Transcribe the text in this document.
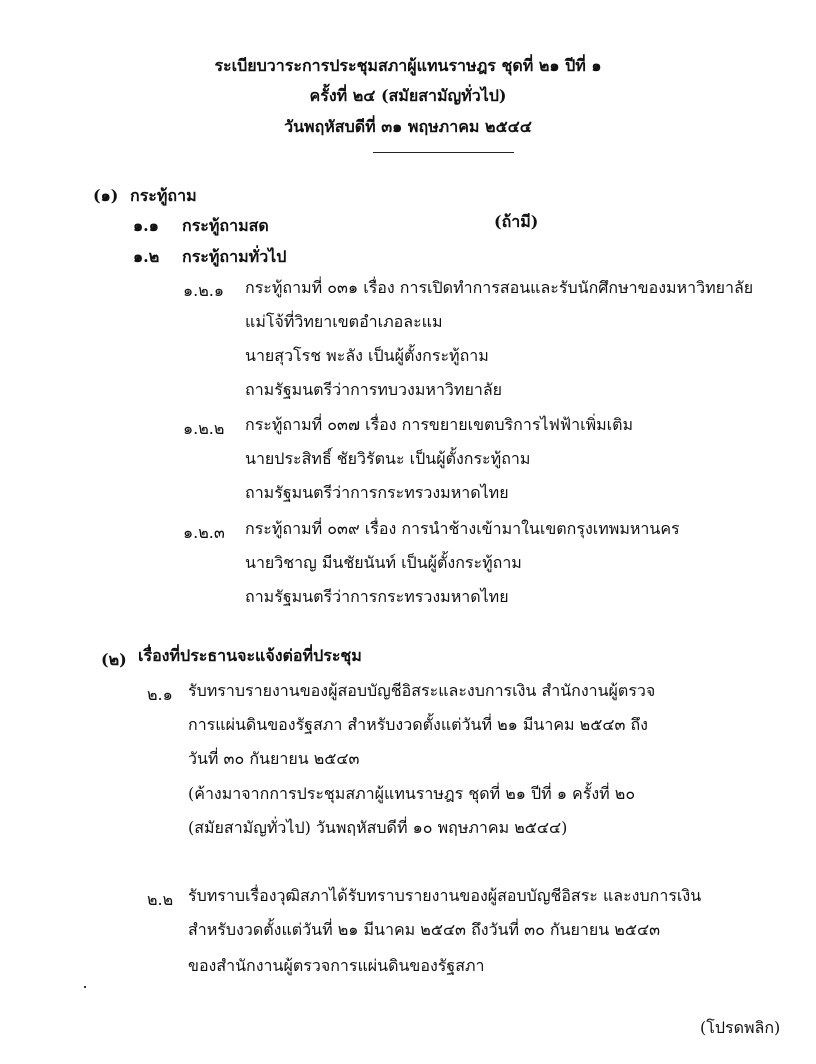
ระเบียบวาระการประชุมสภาผู้แทนราษฎร ชุดที่ ๒๑ ปีที่ ๑
ครั้งที่ ๒๔ (สมัยสามัญทั่วไป)
วันพฤหัสบดีที่ ๓๑ พฤษภาคม ๒๕๔๔
(๑) กระทู้ถาม
๑.๑ กระทู้ถามสด	(ถ้ามี)
๑.๒ กระทู้ถามทั่วไป
๑.๒.๑ กระทู้ถามที่ ๐๓๑ เรื่อง การเปิดทำการสอนและรับนักศึกษาของมหาวิทยาลัย
แม่โจ้ที่วิทยาเขตอำเภอละแม
นายสุวโรช พะลัง เป็นผู้ตั้งกระทู้ถาม
ถามรัฐมนตรีว่าการทบวงมหาวิทยาลัย
๑.๒.๒ กระทู้ถามที่ ๐๓๗ เรื่อง การขยายเขตบริการไฟฟ้าเพิ่มเติม
นายประสิทธิ์ ชัยวิรัตนะ เป็นผู้ตั้งกระทู้ถาม
ถามรัฐมนตรีว่าการกระทรวงมหาดไทย
๑.๒.๓ กระทู้ถามที่ ๐๓๙ เรื่อง การนำช้างเข้ามาในเขตกรุงเทพมหานคร
นายวิชาญ มีนชัยนันท์ เป็นผู้ตั้งกระทู้ถาม
ถามรัฐมนตรีว่าการกระทรวงมหาดไทย
(๒) เรื่องที่ประธานจะแจ้งต่อที่ประชุม
๒.๑ รับทราบรายงานของผู้สอบบัญชีอิสระและงบการเงิน สำนักงานผู้ตรวจ
การแผ่นดินของรัฐสภา สำหรับงวดตั้งแต่วันที่ ๒๑ มีนาคม ๒๕๔๓ ถึง
วันที่ ๓๐ กันยายน ๒๕๔๓
(ค้างมาจากการประชุมสภาผู้แทนราษฎร ชุดที่ ๒๑ ปีที่ ๑ ครั้งที่ ๒๐
(สมัยสามัญทั่วไป) วันพฤหัสบดีที่ ๑๐ พฤษภาคม ๒๕๔๔)
๒.๒ รับทราบเรื่องวุฒิสภาได้รับทราบรายงานของผู้สอบบัญชีอิสระ และงบการเงิน
สำหรับงวดตั้งแต่วันที่ ๒๑ มีนาคม ๒๕๔๓ ถึงวันที่ ๓๐ กันยายน ๒๕๔๓
ของสำนักงานผู้ตรวจการแผ่นดินของรัฐสภา
(โปรดพลิก)
